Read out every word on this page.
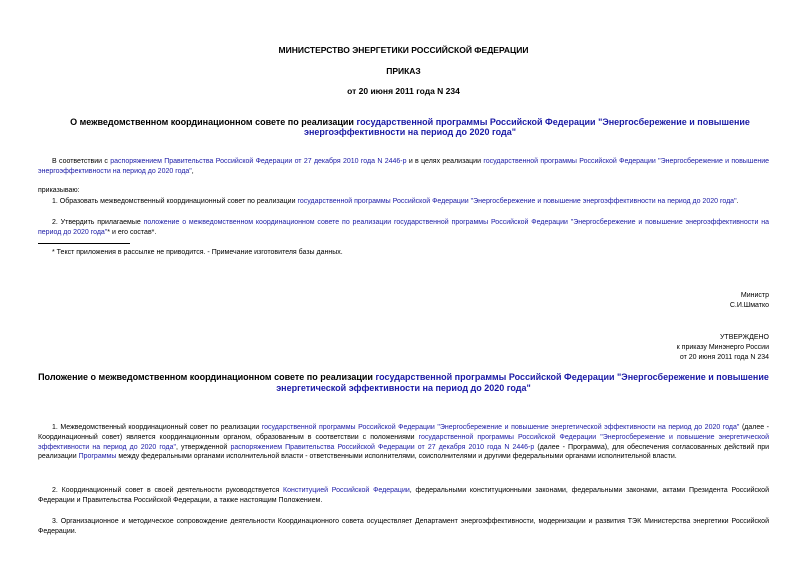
МИНИСТЕРСТВО ЭНЕРГЕТИКИ РОССИЙСКОЙ ФЕДЕРАЦИИ
ПРИКАЗ
от 20 июня 2011 года N 234
О межведомственном координационном совете по реализации государственной программы Российской Федерации "Энергосбережение и повышение энергоэффективности на период до 2020 года"
В соответствии с распоряжением Правительства Российской Федерации от 27 декабря 2010 года N 2446-р и в целях реализации государственной программы Российской Федерации "Энергосбережение и повышение энергоэффективности на период до 2020 года",
приказываю:
1. Образовать межведомственный координационный совет по реализации государственной программы Российской Федерации "Энергосбережение и повышение энергоэффективности на период до 2020 года".
2. Утвердить прилагаемые положение о межведомственном координационном совете по реализации государственной программы Российской Федерации "Энергосбережение и повышение энергоэффективности на период до 2020 года"* и его состав*.
* Текст приложения в рассылке не приводится. - Примечание изготовителя базы данных.
Министр
С.И.Шматко
УТВЕРЖДЕНО
к приказу Минэнерго России
от 20 июня 2011 года N 234
Положение о межведомственном координационном совете по реализации государственной программы Российской Федерации "Энергосбережение и повышение энергетической эффективности на период до 2020 года"
1. Межведомственный координационный совет по реализации государственной программы Российской Федерации "Энергосбережение и повышение энергетической эффективности на период до 2020 года" (далее - Координационный совет) является координационным органом, образованным в соответствии с положениями государственной программы Российской Федерации "Энергосбережение и повышение энергетической эффективности на период до 2020 года", утвержденной распоряжением Правительства Российской Федерации от 27 декабря 2010 года N 2446-р (далее - Программа), для обеспечения согласованных действий при реализации Программы между федеральными органами исполнительной власти - ответственными исполнителями, соисполнителями и другими федеральными органами исполнительной власти.
2. Координационный совет в своей деятельности руководствуется Конституцией Российской Федерации, федеральными конституционными законами, федеральными законами, актами Президента Российской Федерации и Правительства Российской Федерации, а также настоящим Положением.
3. Организационное и методическое сопровождение деятельности Координационного совета осуществляет Департамент энергоэффективности, модернизации и развития ТЭК Министерства энергетики Российской Федерации.
